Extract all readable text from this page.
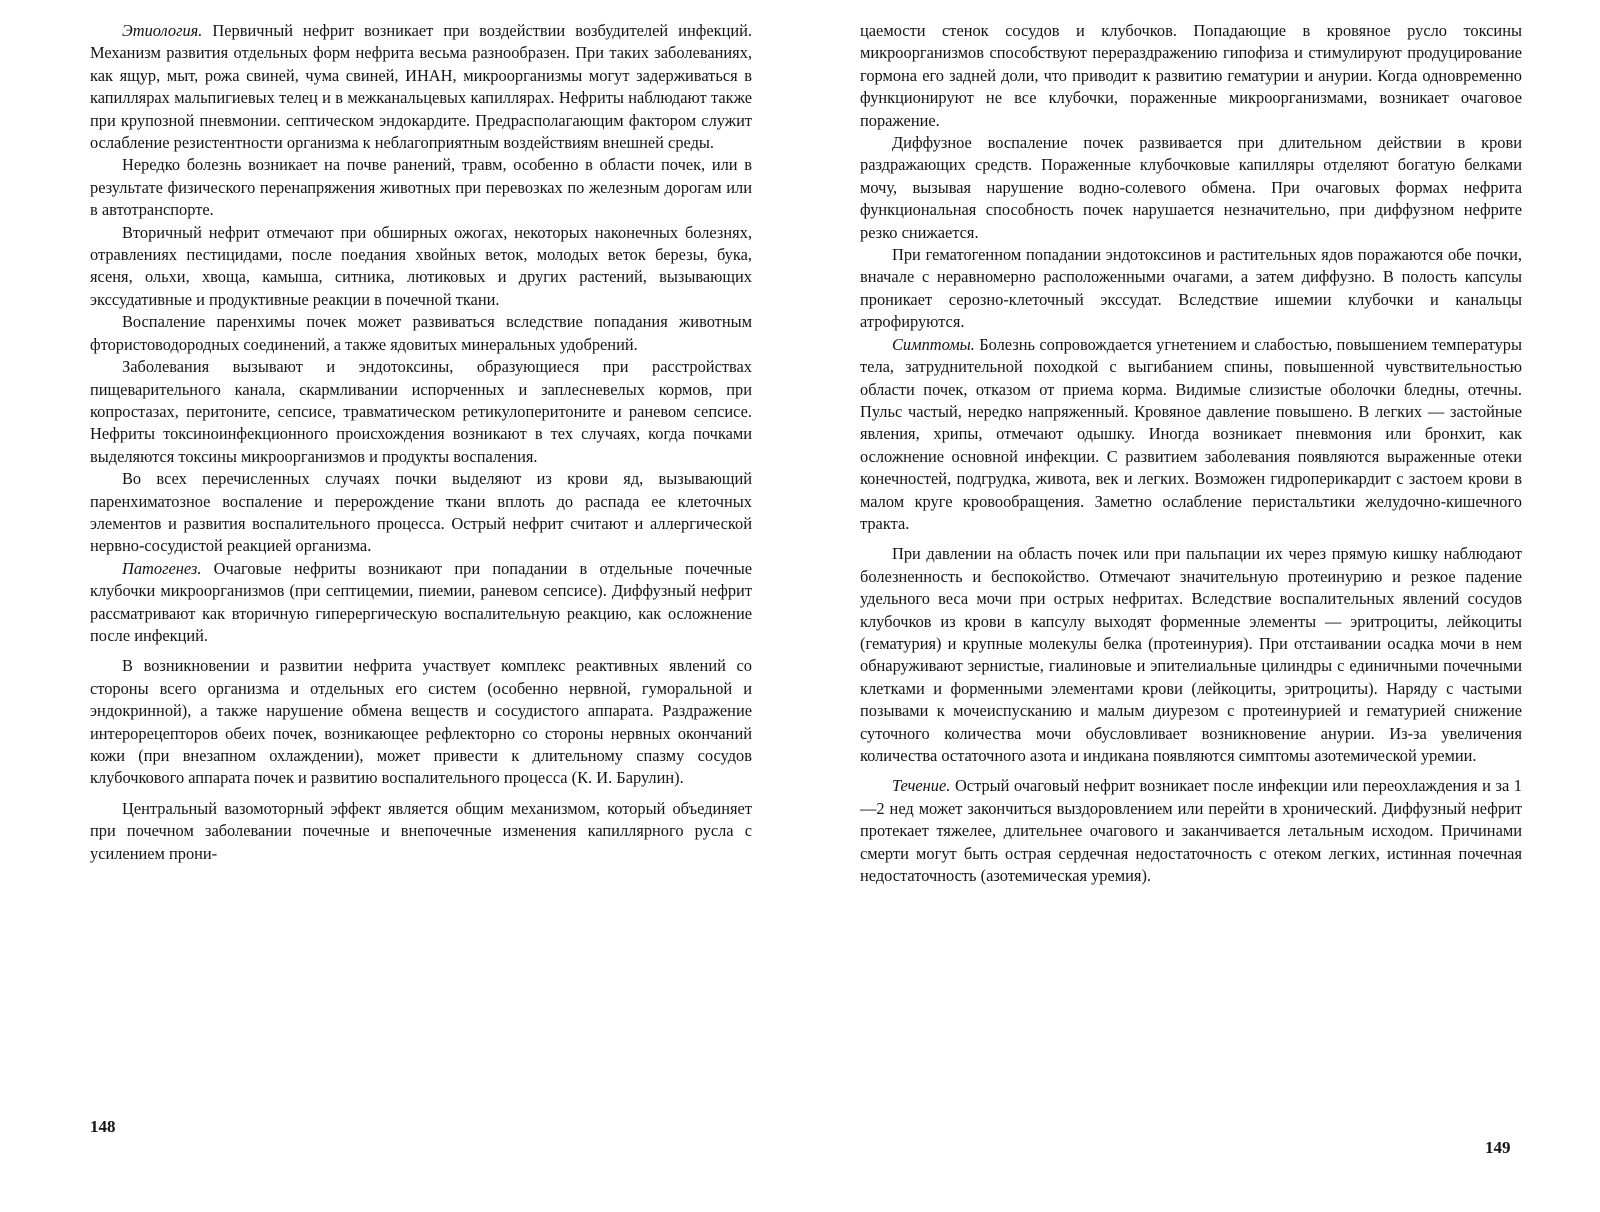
Этиология. Первичный нефрит возникает при воздействии возбудителей инфекций. Механизм развития отдельных форм нефрита весьма разнообразен. При таких заболеваниях, как ящур, мыт, рожа свиней, чума свиней, ИНАН, микроорганизмы могут задерживаться в капиллярах мальпигиевых телец и в межканальцевых капиллярах. Нефриты наблюдают также при крупозной пневмонии. септическом эндокардите. Предрасполагающим фактором служит ослабление резистентности организма к неблагоприятным воздействиям внешней среды.

Нередко болезнь возникает на почве ранений, травм, особенно в области почек, или в результате физического перенапряжения животных при перевозках по железным дорогам или в автотранспорте.

Вторичный нефрит отмечают при обширных ожогах, некоторых наконечных болезнях, отравлениях пестицидами, после поедания хвойных веток, молодых веток березы, бука, ясеня, ольхи, хвоща, камыша, ситника, лютиковых и других растений, вызывающих экссудативные и продуктивные реакции в почечной ткани.

Воспаление паренхимы почек может развиваться вследствие попадания животным фтористоводородных соединений, а также ядовитых минеральных удобрений.

Заболевания вызывают и эндотоксины, образующиеся при расстройствах пищеварительного канала, скармливании испорченных и заплесневелых кормов, при копростазах, перитоните, сепсисе, травматическом ретикулоперитоните и раневом сепсисе. Нефриты токсиноинфекционного происхождения возникают в тех случаях, когда почками выделяются токсины микроорганизмов и продукты воспаления.

Во всех перечисленных случаях почки выделяют из крови яд, вызывающий паренхиматозное воспаление и перерождение ткани вплоть до распада ее клеточных элементов и развития воспалительного процесса. Острый нефрит считают и аллергической нервно-сосудистой реакцией организма.

Патогенез. Очаговые нефриты возникают при попадании в отдельные почечные клубочки микроорганизмов (при септицемии, пиемии, раневом сепсисе). Диффузный нефрит рассматривают как вторичную гиперергическую воспалительную реакцию, как осложнение после инфекций.

В возникновении и развитии нефрита участвует комплекс реактивных явлений со стороны всего организма и отдельных его систем (особенно нервной, гуморальной и эндокринной), а также нарушение обмена веществ и сосудистого аппарата. Раздражение интерорецепторов обеих почек, возникающее рефлекторно со стороны нервных окончаний кожи (при внезапном охлаждении), может привести к длительному спазму сосудов клубочкового аппарата почек и развитию воспалительного процесса (К. И. Барулин).

Центральный вазомоторный эффект является общим механизмом, который объединяет при почечном заболевании почечные и внепочечные изменения капиллярного русла с усилением прони-

148

цаемости стенок сосудов и клубочков. Попадающие в кровяное русло токсины микроорганизмов способствуют перераздражению гипофиза и стимулируют продуцирование гормона его задней доли, что приводит к развитию гематурии и анурии. Когда одновременно функционируют не все клубочки, пораженные микроорганизмами, возникает очаговое поражение.

Диффузное воспаление почек развивается при длительном действии в крови раздражающих средств. Пораженные клубочковые капилляры отделяют богатую белками мочу, вызывая нарушение водно-солевого обмена. При очаговых формах нефрита функциональная способность почек нарушается незначительно, при диффузном нефрите резко снижается.

При гематогенном попадании эндотоксинов и растительных ядов поражаются обе почки, вначале с неравномерно расположенными очагами, а затем диффузно. В полость капсулы проникает серозно-клеточный экссудат. Вследствие ишемии клубочки и канальцы атрофируются.

Симптомы. Болезнь сопровождается угнетением и слабостью, повышением температуры тела, затруднительной походкой с выгибанием спины, повышенной чувствительностью области почек, отказом от приема корма. Видимые слизистые оболочки бледны, отечны. Пульс частый, нередко напряженный. Кровяное давление повышено. В легких — застойные явления, хрипы, отмечают одышку. Иногда возникает пневмония или бронхит, как осложнение основной инфекции. С развитием заболевания появляются выраженные отеки конечностей, подгрудка, живота, век и легких. Возможен гидроперикардит с застоем крови в малом круге кровообращения. Заметно ослабление перистальтики желудочно-кишечного тракта.

При давлении на область почек или при пальпации их через прямую кишку наблюдают болезненность и беспокойство. Отмечают значительную протеинурию и резкое падение удельного веса мочи при острых нефритах. Вследствие воспалительных явлений сосудов клубочков из крови в капсулу выходят форменные элементы — эритроциты, лейкоциты (гематурия) и крупные молекулы белка (протеинурия). При отстаивании осадка мочи в нем обнаруживают зернистые, гиалиновые и эпителиальные цилиндры с единичными почечными клетками и форменными элементами крови (лейкоциты, эритроциты). Наряду с частыми позывами к мочеиспусканию и малым диурезом с протеинурией и гематурией снижение суточного количества мочи обусловливает возникновение анурии. Из-за увеличения количества остаточного азота и индикана появляются симптомы азотемической уремии.

Течение. Острый очаговый нефрит возникает после инфекции или переохлаждения и за 1—2 нед может закончиться выздоровлением или перейти в хронический. Диффузный нефрит протекает тяжелее, длительнее очагового и заканчивается летальным исходом. Причинами смерти могут быть острая сердечная недостаточность с отеком легких, истинная почечная недостаточность (азотемическая уремия).

149
